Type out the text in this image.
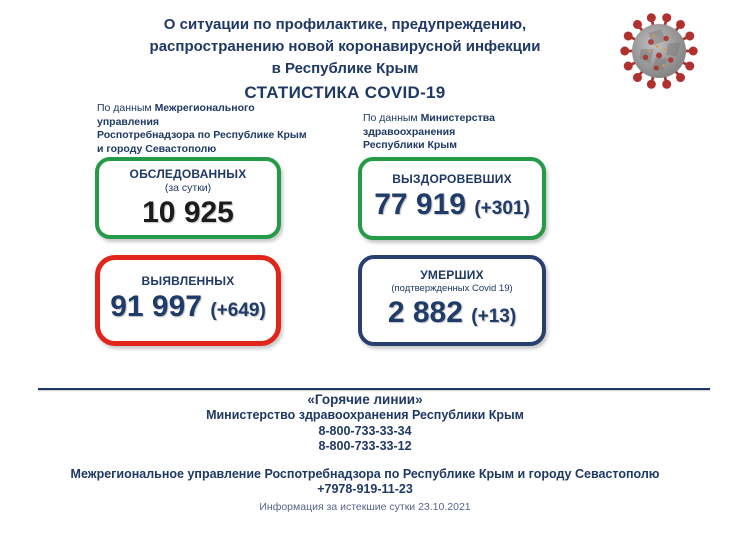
О ситуации по профилактике, предупреждению,
распространению новой коронавирусной инфекции
в Республике Крым
СТАТИСТИКА COVID-19
По данным Межрегионального управления
Роспотребнадзора по Республике Крым
и городу Севастополю
По данным Министерства здравоохранения
Республики Крым
ОБСЛЕДОВАННЫХ
(за сутки)
10 925
ВЫЗДОРОВЕВШИХ
77 919 (+301)
ВЫЯВЛЕННЫХ
91 997 (+649)
УМЕРШИХ
(подтвержденных Covid 19)
2 882 (+13)
«Горячие линии»
Министерство здравоохранения Республики Крым
8-800-733-33-34
8-800-733-33-12
Межрегиональное управление Роспотребнадзора по Республике Крым и городу Севастополю
+7978-919-11-23
Информация за истекшие сутки 23.10.2021
